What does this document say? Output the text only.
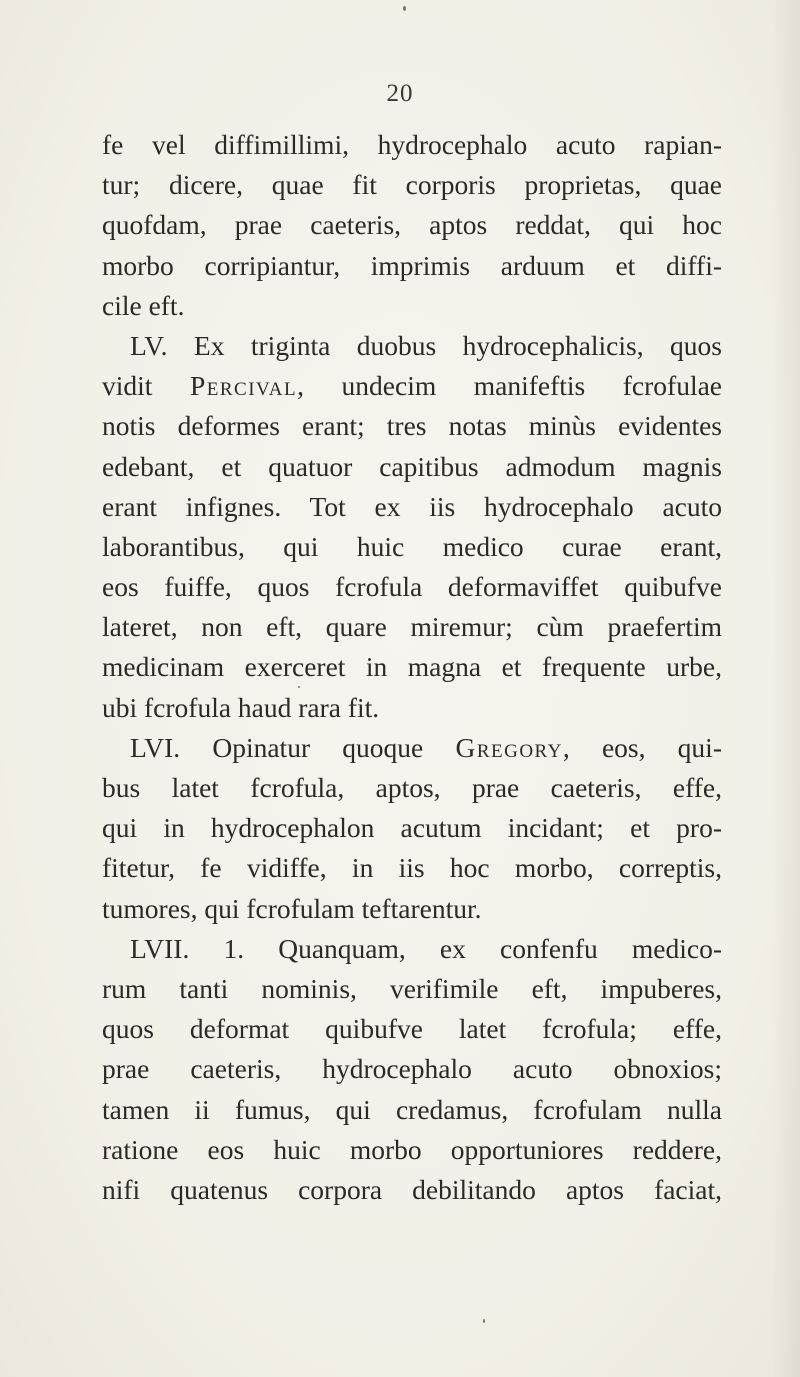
20
fe vel diffimillimi, hydrocephalo acuto rapian-
tur; dicere, quae fit corporis proprietas, quae
quofdam, prae caeteris, aptos reddat, qui hoc
morbo corripiantur, imprimis arduum et diffi-
cile eft.
LV. Ex triginta duobus hydrocephalicis, quos
vidit Percival, undecim manifeftis fcrofulae
notis deformes erant; tres notas minùs evidentes
edebant, et quatuor capitibus admodum magnis
erant infignes. Tot ex iis hydrocephalo acuto
laborantibus, qui huic medico curae erant,
eos fuiffe, quos fcrofula deformaviffet quibufve
lateret, non eft, quare miremur; cùm praefertim
medicinam exerceret in magna et frequente urbe,
ubi fcrofula haud rara fit.
LVI. Opinatur quoque Gregory, eos, qui-
bus latet fcrofula, aptos, prae caeteris, effe,
qui in hydrocephalon acutum incidant; et pro-
fitetur, fe vidiffe, in iis hoc morbo, correptis,
tumores, qui fcrofulam teftarentur.
LVII. 1. Quanquam, ex confenfu medico-
rum tanti nominis, verifimile eft, impuberes,
quos deformat quibufve latet fcrofula; effe,
prae caeteris, hydrocephalo acuto obnoxios;
tamen ii fumus, qui credamus, fcrofulam nulla
ratione eos huic morbo opportuniores reddere,
nifi quatenus corpora debilitando aptos faciat,
